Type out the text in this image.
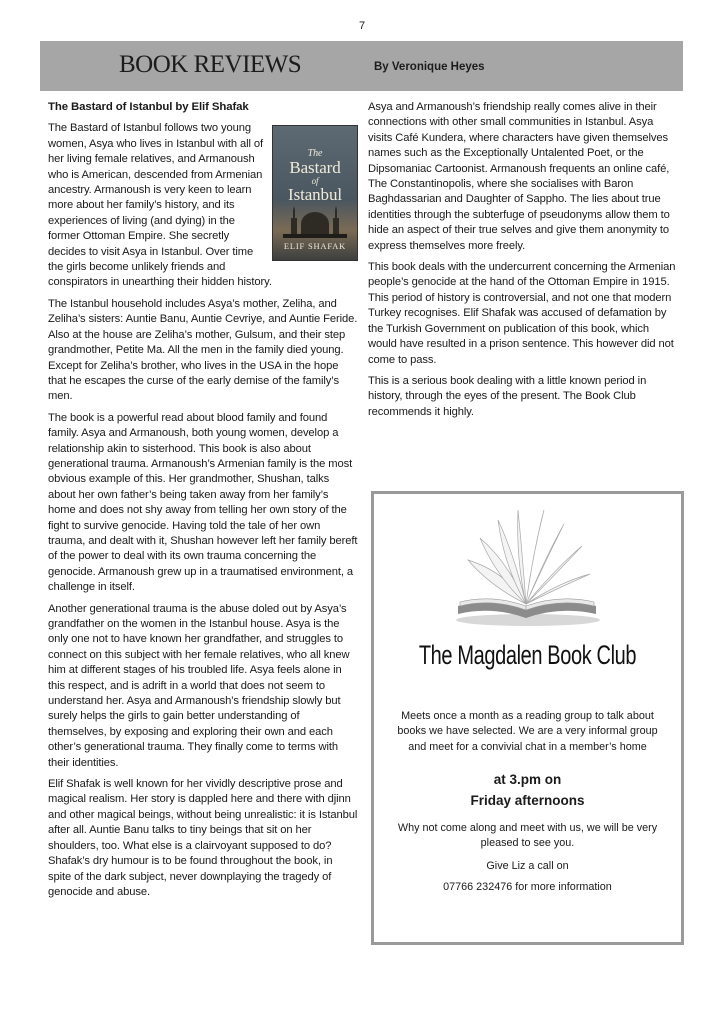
7
BOOK REVIEWS	By Veronique Heyes

The Bastard of Istanbul by Elif Shafak

The
Bastard
of
Istanbul
ELIF SHAFAK

The Bastard of Istanbul follows two young women, Asya who lives in Istanbul with all of her living female relatives, and Armanoush who is American, descended from Armenian ancestry. Armanoush is very keen to learn more about her family’s history, and its experiences of living (and dying) in the former Ottoman Empire. She secretly decides to visit Asya in Istanbul. Over time the girls become unlikely friends and conspirators in unearthing their hidden history.

The Istanbul household includes Asya’s mother, Zeliha, and Zeliha’s sisters: Auntie Banu, Auntie Cevriye, and Auntie Feride. Also at the house are Zeliha’s mother, Gulsum, and their step grandmother, Petite Ma. All the men in the family died young. Except for Zeliha’s brother, who lives in the USA in the hope that he escapes the curse of the early demise of the family’s men.

The book is a powerful read about blood family and found family. Asya and Armanoush, both young women, develop a relationship akin to sisterhood. This book is also about generational trauma. Armanoush’s Armenian family is the most obvious example of this. Her grandmother, Shushan, talks about her own father’s being taken away from her family’s home and does not shy away from telling her own story of the fight to survive genocide. Having told the tale of her own trauma, and dealt with it, Shushan however left her family bereft of the power to deal with its own trauma concerning the genocide. Armanoush grew up in a traumatised environment, a challenge in itself.

Another generational trauma is the abuse doled out by Asya’s grandfather on the women in the Istanbul house. Asya is the only one not to have known her grandfather, and struggles to connect on this subject with her female relatives, who all knew him at different stages of his troubled life. Asya feels alone in this respect, and is adrift in a world that does not seem to understand her. Asya and Armanoush’s friendship slowly but surely helps the girls to gain better understanding of themselves, by exposing and exploring their own and each other’s generational trauma. They finally come to terms with their identities.

Elif Shafak is well known for her vividly descriptive prose and magical realism. Her story is dappled here and there with djinn and other magical beings, without being unrealistic: it is Istanbul after all. Auntie Banu talks to tiny beings that sit on her shoulders, too. What else is a clairvoyant supposed to do? Shafak’s dry humour is to be found throughout the book, in spite of the dark subject, never downplaying the tragedy of genocide and abuse.

Asya and Armanoush’s friendship really comes alive in their connections with other small communities in Istanbul. Asya visits Café Kundera, where characters have given themselves names such as the Exceptionally Untalented Poet, or the Dipsomaniac Cartoonist. Armanoush frequents an online café, The Constantinopolis, where she socialises with Baron Baghdassarian and Daughter of Sappho. The lies about true identities through the subterfuge of pseudonyms allow them to hide an aspect of their true selves and give them anonymity to express themselves more freely.

This book deals with the undercurrent concerning the Armenian people’s genocide at the hand of the Ottoman Empire in 1915. This period of history is controversial, and not one that modern Turkey recognises. Elif Shafak was accused of defamation by the Turkish Government on publication of this book, which would have resulted in a prison sentence. This however did not come to pass.

This is a serious book dealing with a little known period in history, through the eyes of the present. The Book Club recommends it highly.

The Magdalen Book Club
Meets once a month as a reading group to talk about books we have selected. We are a very informal group and meet for a convivial chat in a member’s home
at 3.pm on
Friday afternoons
Why not come along and meet with us, we will be very pleased to see you.
Give Liz a call on
07766 232476 for more information
